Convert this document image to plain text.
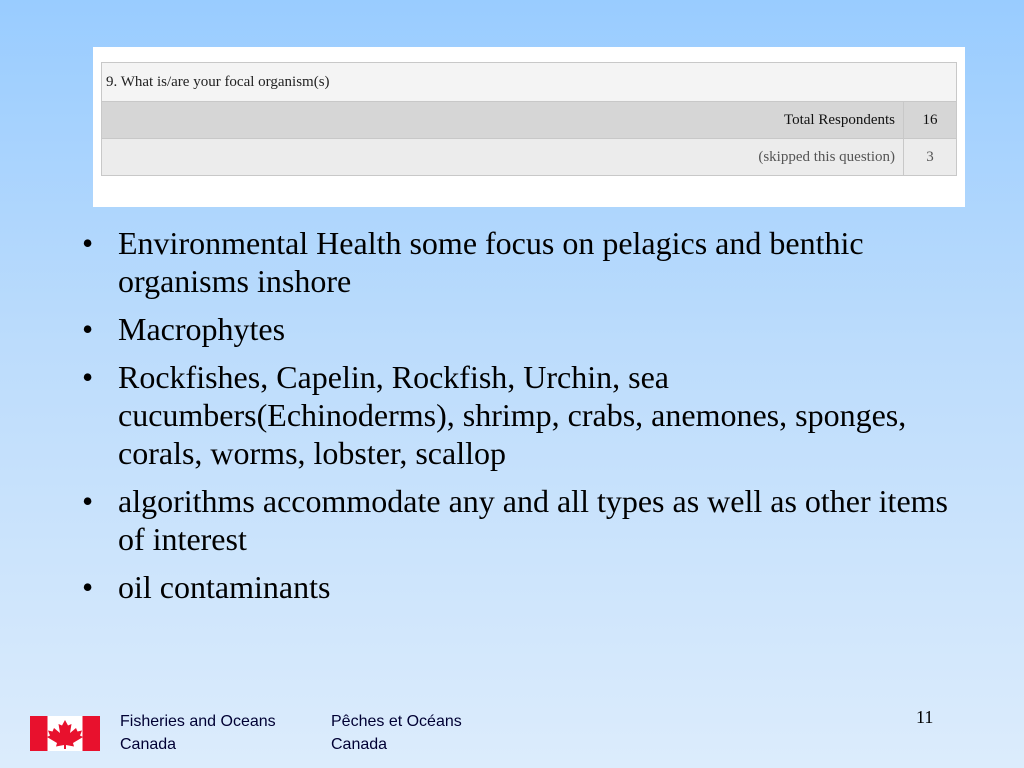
9. What is/are your focal organism(s)	
Total Respondents	16
(skipped this question)	3
• Environmental Health some focus on pelagics and benthic organisms inshore
• Macrophytes
• Rockfishes, Capelin, Rockfish, Urchin, sea cucumbers(Echinoderms), shrimp, crabs, anemones, sponges, corals, worms, lobster, scallop
• algorithms accommodate any and all types as well as other items of interest
• oil contaminants
Fisheries and Oceans
Canada
Pêches et Océans
Canada
11
